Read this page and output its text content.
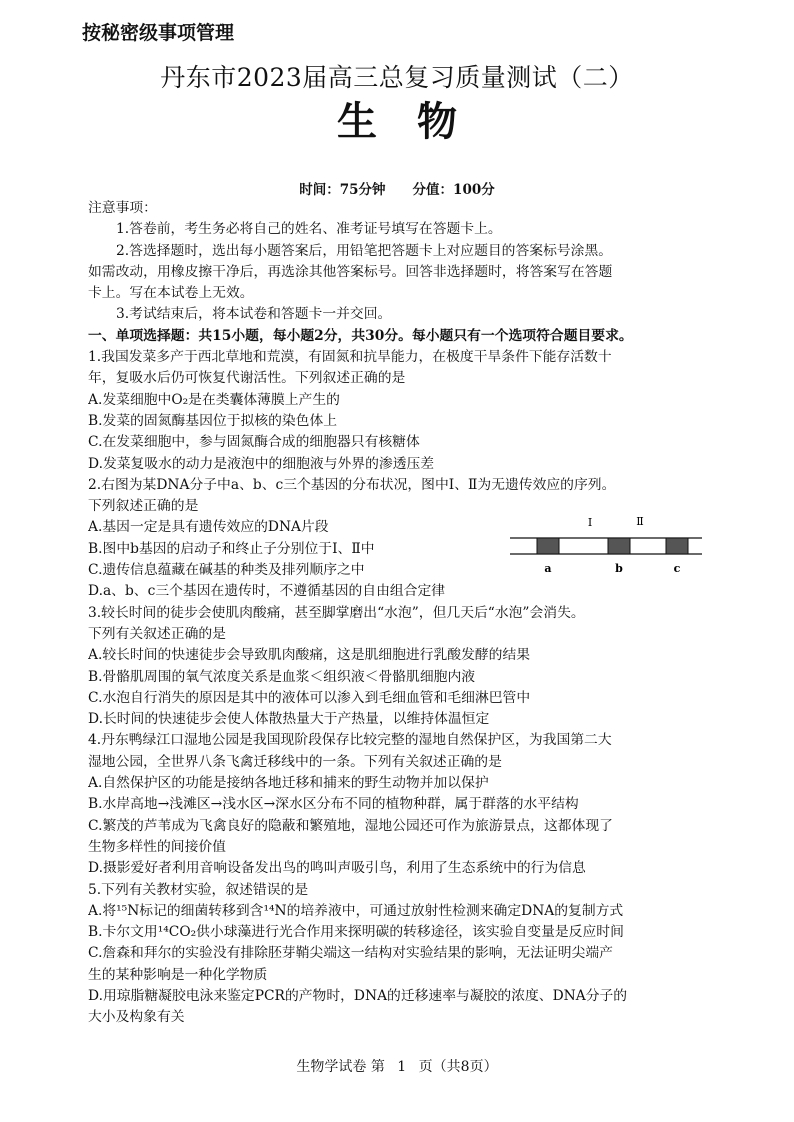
按秘密级事项管理
丹东市2023届高三总复习质量测试（二）
生　物
时间：75分钟　　 分值：100分
注意事项：
1.答卷前，考生务必将自己的姓名、准考证号填写在答题卡上。
2.答选择题时，选出每小题答案后，用铅笔把答题卡上对应题目的答案标号涂黑。
如需改动，用橡皮擦干净后，再选涂其他答案标号。回答非选择题时，将答案写在答题
卡上。写在本试卷上无效。
3.考试结束后，将本试卷和答题卡一并交回。
一、单项选择题：共15小题，每小题2分，共30分。每小题只有一个选项符合题目要求。
1.我国发菜多产于西北草地和荒漠，有固氮和抗旱能力，在极度干旱条件下能存活数十
年，复吸水后仍可恢复代谢活性。下列叙述正确的是
A.发菜细胞中O₂是在类囊体薄膜上产生的
B.发菜的固氮酶基因位于拟核的染色体上
C.在发菜细胞中，参与固氮酶合成的细胞器只有核糖体
D.发菜复吸水的动力是液泡中的细胞液与外界的渗透压差
2.右图为某DNA分子中a、b、c三个基因的分布状况，图中Ⅰ、Ⅱ为无遗传效应的序列。
下列叙述正确的是
A.基因一定是具有遗传效应的DNA片段
B.图中b基因的启动子和终止子分别位于Ⅰ、Ⅱ中
C.遗传信息蕴藏在碱基的种类及排列顺序之中
D.a、b、c三个基因在遗传时，不遵循基因的自由组合定律
3.较长时间的徒步会使肌肉酸痛，甚至脚掌磨出“水泡”，但几天后“水泡”会消失。
下列有关叙述正确的是
A.较长时间的快速徒步会导致肌肉酸痛，这是肌细胞进行乳酸发酵的结果
B.骨骼肌周围的氧气浓度关系是血浆＜组织液＜骨骼肌细胞内液
C.水泡自行消失的原因是其中的液体可以渗入到毛细血管和毛细淋巴管中
D.长时间的快速徒步会使人体散热量大于产热量，以维持体温恒定
4.丹东鸭绿江口湿地公园是我国现阶段保存比较完整的湿地自然保护区，为我国第二大
湿地公园，全世界八条飞禽迁移线中的一条。下列有关叙述正确的是
A.自然保护区的功能是接纳各地迁移和捕来的野生动物并加以保护
B.水岸高地→浅滩区→浅水区→深水区分布不同的植物种群，属于群落的水平结构
C.繁茂的芦苇成为飞禽良好的隐蔽和繁殖地，湿地公园还可作为旅游景点，这都体现了
生物多样性的间接价值
D.摄影爱好者利用音响设备发出鸟的鸣叫声吸引鸟，利用了生态系统中的行为信息
5.下列有关教材实验，叙述错误的是
A.将¹⁵N标记的细菌转移到含¹⁴N的培养液中，可通过放射性检测来确定DNA的复制方式
B.卡尔文用¹⁴CO₂供小球藻进行光合作用来探明碳的转移途径，该实验自变量是反应时间
C.詹森和拜尔的实验没有排除胚芽鞘尖端这一结构对实验结果的影响，无法证明尖端产
生的某种影响是一种化学物质
D.用琼脂糖凝胶电泳来鉴定PCR的产物时，DNA的迁移速率与凝胶的浓度、DNA分子的
大小及构象有关
Ⅰ	Ⅱ
a	b	c
生物学试卷 第 1 页（共8页）
